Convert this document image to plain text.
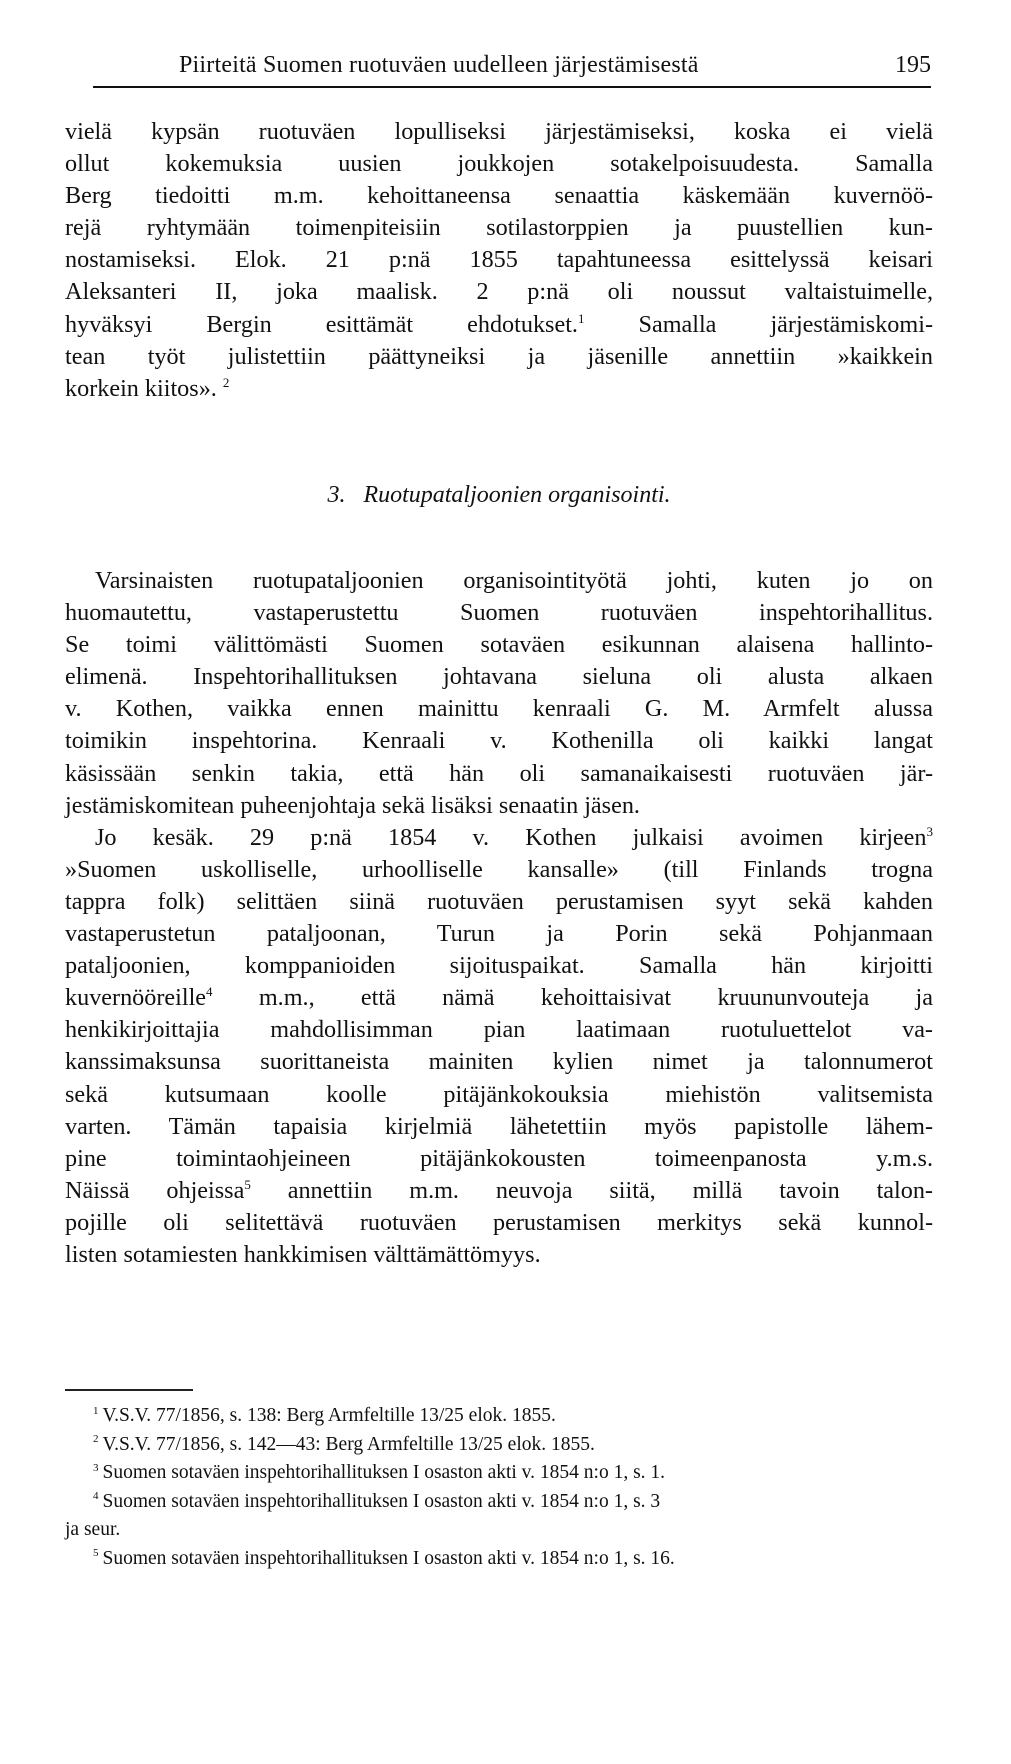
Piirteitä Suomen ruotuväen uudelleen järjestämisestä	195
vielä kypsän ruotuväen lopulliseksi järjestämiseksi, koska ei vielä
ollut kokemuksia uusien joukkojen sotakelpoisuudesta. Samalla
Berg tiedoitti m.m. kehoittaneensa senaattia käskemään kuvernöö-
rejä ryhtymään toimenpiteisiin sotilastorppien ja puustellien kun-
nostamiseksi. Elok. 21 p:nä 1855 tapahtuneessa esittelyssä keisari
Aleksanteri II, joka maalisk. 2 p:nä oli noussut valtaistuimelle,
hyväksyi Bergin esittämät ehdotukset.$^1$ Samalla järjestämiskomi-
tean työt julistettiin päättyneiksi ja jäsenille annettiin »kaikkein
korkein kiitos». $^2$
3. Ruotupataljoonien organisointi.
Varsinaisten ruotupataljoonien organisointityötä johti, kuten jo on
huomautettu, vastaperustettu Suomen ruotuväen inspehtorihallitus.
Se toimi välittömästi Suomen sotaväen esikunnan alaisena hallinto-
elimenä. Inspehtorihallituksen johtavana sieluna oli alusta alkaen
v. Kothen, vaikka ennen mainittu kenraali G. M. Armfelt alussa
toimikin inspehtorina. Kenraali v. Kothenilla oli kaikki langat
käsissään senkin takia, että hän oli samanaikaisesti ruotuväen jär-
jestämiskomitean puheenjohtaja sekä lisäksi senaatin jäsen.
Jo kesäk. 29 p:nä 1854 v. Kothen julkaisi avoimen kirjeen$^3$
»Suomen uskolliselle, urhoolliselle kansalle» (till Finlands trogna
tappra folk) selittäen siinä ruotuväen perustamisen syyt sekä kahden
vastaperustetun pataljoonan, Turun ja Porin sekä Pohjanmaan
pataljoonien, komppanioiden sijoituspaikat. Samalla hän kirjoitti
kuvernööreille$^4$ m.m., että nämä kehoittaisivat kruununvouteja ja
henkikirjoittajia mahdollisimman pian laatimaan ruotuluettelot va-
kanssimaksunsa suorittaneista mainiten kylien nimet ja talonnumerot
sekä kutsumaan koolle pitäjänkokouksia miehistön valitsemista
varten. Tämän tapaisia kirjelmiä lähetettiin myös papistolle lähem-
pine toimintaohjeineen pitäjänkokousten toimeenpanosta y.m.s.
Näissä ohjeissa$^5$ annettiin m.m. neuvoja siitä, millä tavoin talon-
pojille oli selitettävä ruotuväen perustamisen merkitys sekä kunnol-
listen sotamiesten hankkimisen välttämättömyys.
$^1$ V.S.V. 77/1856, s. 138: Berg Armfeltille 13/25 elok. 1855.
$^2$ V.S.V. 77/1856, s. 142—43: Berg Armfeltille 13/25 elok. 1855.
$^3$ Suomen sotaväen inspehtorihallituksen I osaston akti v. 1854 n:o 1, s. 1.
$^4$ Suomen sotaväen inspehtorihallituksen I osaston akti v. 1854 n:o 1, s. 3
ja seur.
$^5$ Suomen sotaväen inspehtorihallituksen I osaston akti v. 1854 n:o 1, s. 16.
